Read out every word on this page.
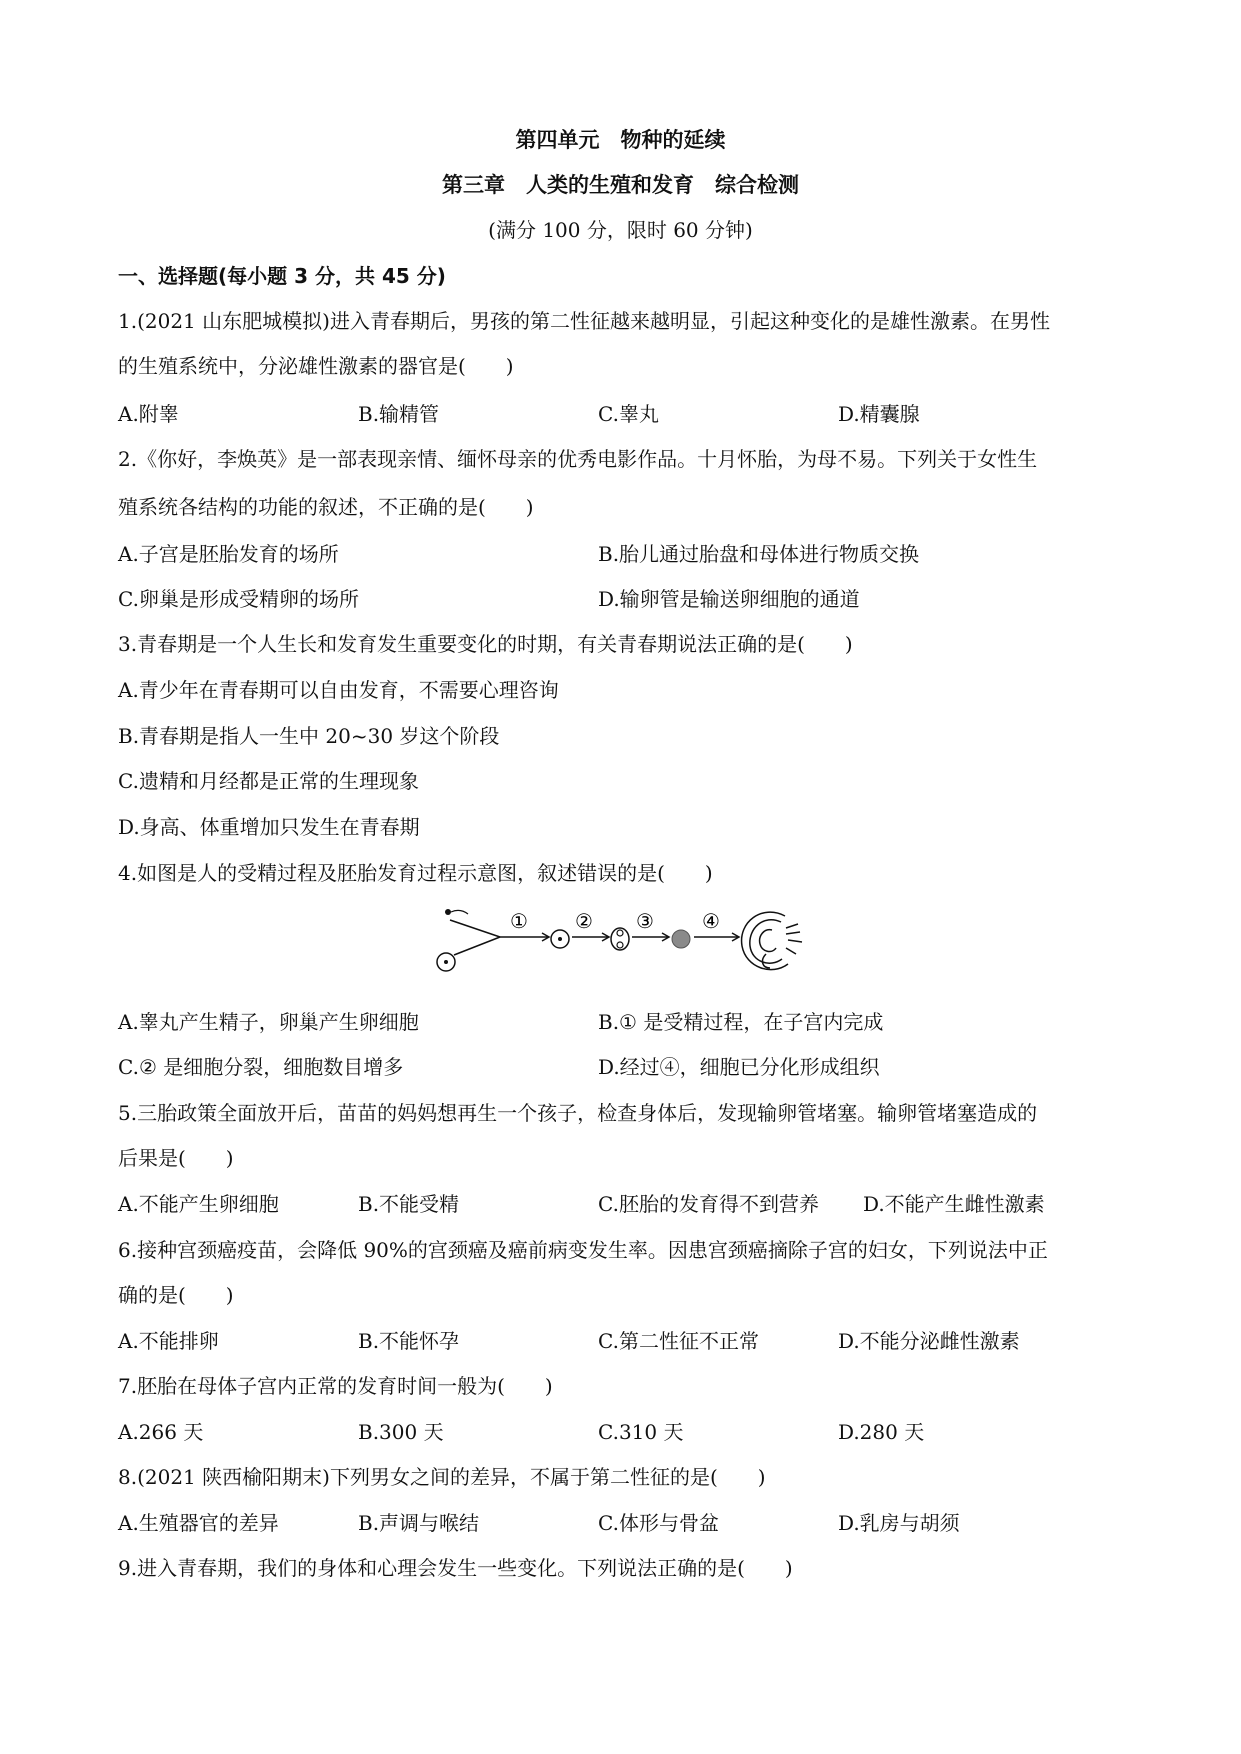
第四单元　物种的延续
第三章　人类的生殖和发育　综合检测
(满分 100 分，限时 60 分钟)
一、选择题(每小题 3 分，共 45 分)
1.(2021 山东肥城模拟)进入青春期后，男孩的第二性征越来越明显，引起这种变化的是雄性激素。在男性
的生殖系统中，分泌雄性激素的器官是(　　)
A.附睾	B.输精管	C.睾丸	D.精囊腺
2.《你好，李焕英》是一部表现亲情、缅怀母亲的优秀电影作品。十月怀胎，为母不易。下列关于女性生
殖系统各结构的功能的叙述，不正确的是(　　)
A.子宫是胚胎发育的场所	B.胎儿通过胎盘和母体进行物质交换
C.卵巢是形成受精卵的场所	D.输卵管是输送卵细胞的通道
3.青春期是一个人生长和发育发生重要变化的时期，有关青春期说法正确的是(　　)
A.青少年在青春期可以自由发育，不需要心理咨询
B.青春期是指人一生中 20~30 岁这个阶段
C.遗精和月经都是正常的生理现象
D.身高、体重增加只发生在青春期
4.如图是人的受精过程及胚胎发育过程示意图，叙述错误的是(　　)
① ② ③ ④
A.睾丸产生精子，卵巢产生卵细胞	B.① 是受精过程，在子宫内完成
C.② 是细胞分裂，细胞数目增多	D.经过④，细胞已分化形成组织
5.三胎政策全面放开后，苗苗的妈妈想再生一个孩子，检查身体后，发现输卵管堵塞。输卵管堵塞造成的
后果是(　　)
A.不能产生卵细胞	B.不能受精	C.胚胎的发育得不到营养 D.不能产生雌性激素
6.接种宫颈癌疫苗，会降低 90%的宫颈癌及癌前病变发生率。因患宫颈癌摘除子宫的妇女，下列说法中正
确的是(　　)
A.不能排卵	B.不能怀孕	C.第二性征不正常	D.不能分泌雌性激素
7.胚胎在母体子宫内正常的发育时间一般为(　　)
A.266 天	B.300 天	C.310 天	D.280 天
8.(2021 陕西榆阳期末)下列男女之间的差异，不属于第二性征的是(　　)
A.生殖器官的差异	B.声调与喉结	C.体形与骨盆	D.乳房与胡须
9.进入青春期，我们的身体和心理会发生一些变化。下列说法正确的是(　　)
